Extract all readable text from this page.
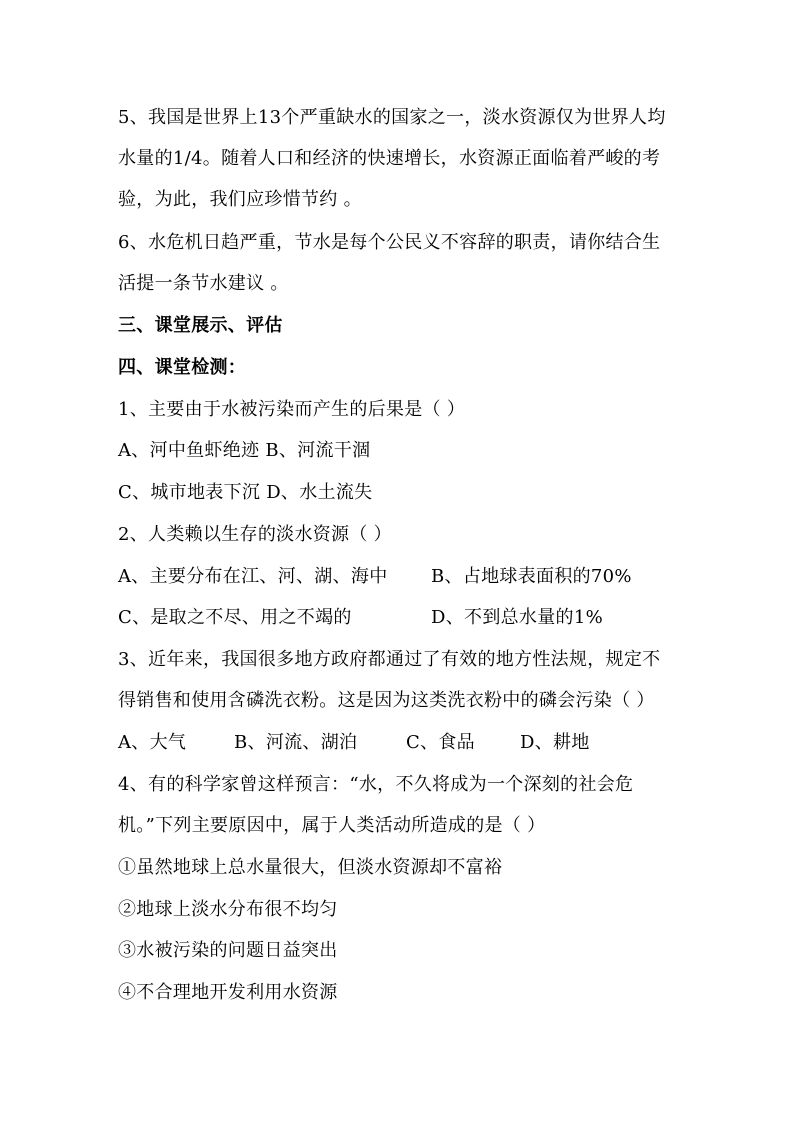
5、我国是世界上13个严重缺水的国家之一，淡水资源仅为世界人均
水量的1/4。随着人口和经济的快速增长，水资源正面临着严峻的考
验，为此，我们应珍惜节约 。
6、水危机日趋严重，节水是每个公民义不容辞的职责，请你结合生
活提一条节水建议 。
三、课堂展示、评估
四、课堂检测：
1、主要由于水被污染而产生的后果是（ ）
A、河中鱼虾绝迹 B、河流干涸
C、城市地表下沉 D、水土流失
2、人类赖以生存的淡水资源（ ）
A、主要分布在江、河、湖、海中 B、占地球表面积的70%
C、是取之不尽、用之不竭的	D、不到总水量的1%
3、近年来，我国很多地方政府都通过了有效的地方性法规，规定不
得销售和使用含磷洗衣粉。这是因为这类洗衣粉中的磷会污染（ ）
A、大气	B、河流、湖泊	C、食品	D、耕地
4、有的科学家曾这样预言：“水，不久将成为一个深刻的社会危
机。”下列主要原因中，属于人类活动所造成的是（ ）
①虽然地球上总水量很大，但淡水资源却不富裕
②地球上淡水分布很不均匀
③水被污染的问题日益突出
④不合理地开发利用水资源
